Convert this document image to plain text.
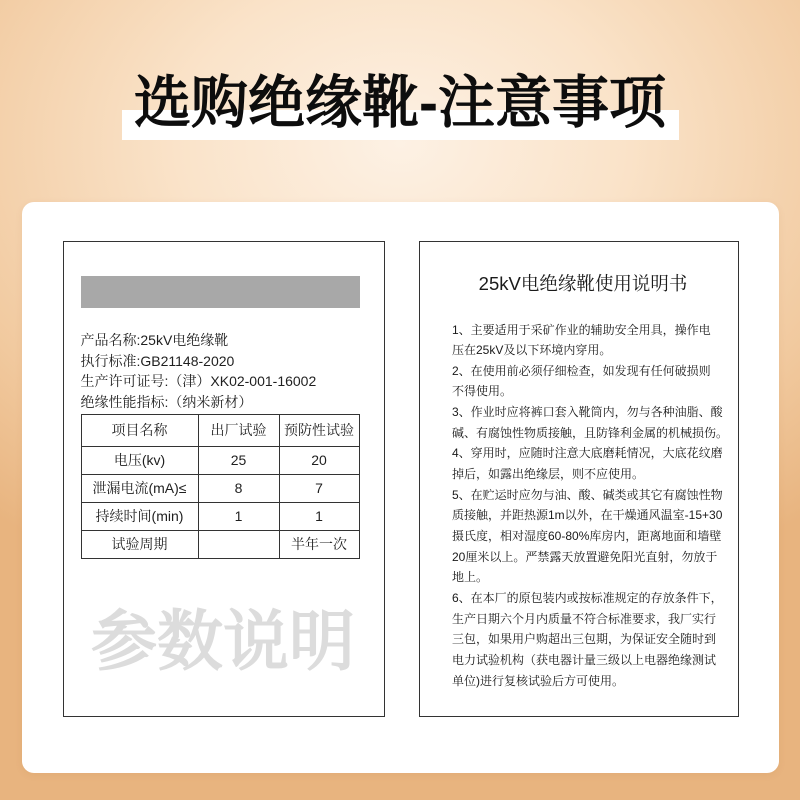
选购绝缘靴-注意事项
产品名称:25kV电绝缘靴
执行标准:GB21148-2020
生产许可证号:（津）XK02-001-16002
绝缘性能指标:（纳米新材）
项目名称	出厂试验	预防性试验
电压(kv)	25	20
泄漏电流(mA)≤	8	7
持续时间(min)	1	1
试验周期		半年一次
参数说明
25kV电绝缘靴使用说明书
1、主要适用于采矿作业的辅助安全用具，操作电
压在25kV及以下环境内穿用。
2、在使用前必须仔细检查，如发现有任何破损则
不得使用。
3、作业时应将裤口套入靴筒内，勿与各种油脂、酸
碱、有腐蚀性物质接触，且防锋利金属的机械损伤。
4、穿用时，应随时注意大底磨耗情况，大底花纹磨
掉后，如露出绝缘层，则不应使用。
5、在贮运时应勿与油、酸、碱类或其它有腐蚀性物
质接触，并距热源1m以外，在干燥通风温室-15+30
摄氏度，相对湿度60-80%库房内，距离地面和墙壁
20厘米以上。严禁露天放置避免阳光直射，勿放于
地上。
6、在本厂的原包装内或按标准规定的存放条件下，
生产日期六个月内质量不符合标准要求，我厂实行
三包，如果用户购超出三包期，为保证安全随时到
电力试验机构（获电器计量三级以上电器绝缘测试
单位)进行复核试验后方可使用。
